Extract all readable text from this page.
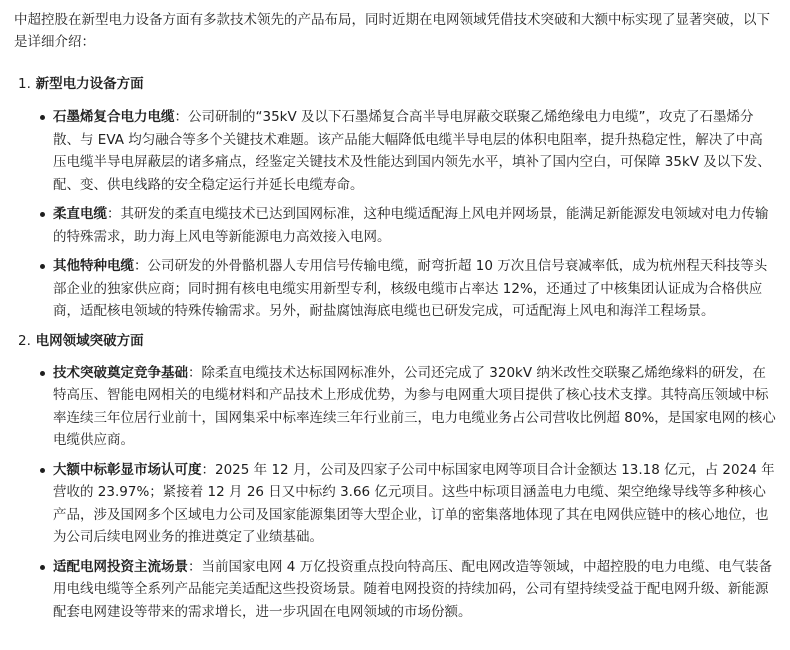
中超控股在新型电力设备方面有多款技术领先的产品布局，同时近期在电网领域凭借技术突破和大额中标实现了显著突破，以下是详细介绍：

1. 新型电力设备方面
石墨烯复合电力电缆：公司研制的“35kV 及以下石墨烯复合高半导电屏蔽交联聚乙烯绝缘电力电缆”，攻克了石墨烯分散、与 EVA 均匀融合等多个关键技术难题。该产品能大幅降低电缆半导电层的体积电阻率，提升热稳定性，解决了中高压电缆半导电屏蔽层的诸多痛点，经鉴定关键技术及性能达到国内领先水平，填补了国内空白，可保障 35kV 及以下发、配、变、供电线路的安全稳定运行并延长电缆寿命。
柔直电缆：其研发的柔直电缆技术已达到国网标准，这种电缆适配海上风电并网场景，能满足新能源发电领域对电力传输的特殊需求，助力海上风电等新能源电力高效接入电网。
其他特种电缆：公司研发的外骨骼机器人专用信号传输电缆，耐弯折超 10 万次且信号衰减率低，成为杭州程天科技等头部企业的独家供应商；同时拥有核电电缆实用新型专利，核级电缆市占率达 12%，还通过了中核集团认证成为合格供应商，适配核电领域的特殊传输需求。另外，耐盐腐蚀海底电缆也已研发完成，可适配海上风电和海洋工程场景。
2. 电网领域突破方面
技术突破奠定竞争基础：除柔直电缆技术达标国网标准外，公司还完成了 320kV 纳米改性交联聚乙烯绝缘料的研发，在特高压、智能电网相关的电缆材料和产品技术上形成优势，为参与电网重大项目提供了核心技术支撑。其特高压领域中标率连续三年位居行业前十，国网集采中标率连续三年行业前三，电力电缆业务占公司营收比例超 80%，是国家电网的核心电缆供应商。
大额中标彰显市场认可度：2025 年 12 月，公司及四家子公司中标国家电网等项目合计金额达 13.18 亿元，占 2024 年营收的 23.97%；紧接着 12 月 26 日又中标约 3.66 亿元项目。这些中标项目涵盖电力电缆、架空绝缘导线等多种核心产品，涉及国网多个区域电力公司及国家能源集团等大型企业，订单的密集落地体现了其在电网供应链中的核心地位，也为公司后续电网业务的推进奠定了业绩基础。
适配电网投资主流场景：当前国家电网 4 万亿投资重点投向特高压、配电网改造等领域，中超控股的电力电缆、电气装备用电线电缆等全系列产品能完美适配这些投资场景。随着电网投资的持续加码，公司有望持续受益于配电网升级、新能源配套电网建设等带来的需求增长，进一步巩固在电网领域的市场份额。
